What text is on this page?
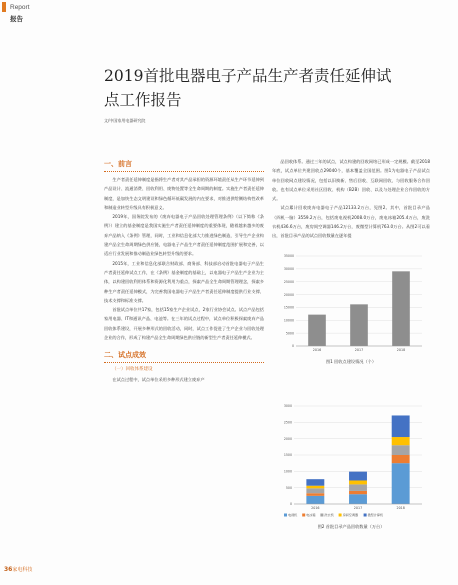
Report
报告
2019首批电器电子产品生产者责任延伸试点工作报告
文/中国家用电器研究院
一、前言

生产者责任延伸制度是指将生产者对其产品承担的资源环境责任从生产环节延伸到产品设计、流通消费、回收利用、废物处置等全生命周期的制度。实施生产者责任延伸制度，是加快生态文明建设和绿色循环低碳发展的内在要求，对推进供给侧结构性改革和制造业转型升级具有积极意义。

2019年，国务院发布的《废弃电器电子产品回收处理管理条例》（以下简称《条例》）建立的基金制度是我国实施生产者责任延伸制度的重要体现，随着越来越多的废弃产品纳入《条例》管理，同时，工业和信息化部大力推进绿色制造，引导生产企业构建产品全生命周期绿色供应链，电器电子产品生产者责任延伸制度范围扩展和完善，以适应行业发展和推动制造业绿色转型升级的要求。

2015年，工业和信息化部联合财政部、商务部、科技部启动首批电器电子产品生产者责任延伸试点工作，在《条例》基金制度的基础上，以电器电子产品生产企业为主体，以构建回收利用体系和资源化利用为重点，探索产品全生命周期管理理念，探索多种生产者责任延伸模式，为完善我国电器电子产品生产者责任延伸制度提供行业支撑、技术支撑和标准支撑。

首批试点单位共17家，包括15家生产企业试点，2家行业协会试点。试点产品包括家用电器、IT和通讯产品、电池等。在三年的试点过程中，试点单位积极探索废弃产品回收体系建设，开展多种形式的回收活动，同时，试点工作促进了生产企业与回收处理企业的合作，形成了构建产品全生命周期绿色供应链的新型生产者责任延伸模式。

二、试点成效
（一）回收体系建设

在试点过程中，试点单位采用多种形式建立废弃产

品回收体系。通过三年的试点，试点构建的回收网络已形成一定规模。截至2018年底，试点单位共建回收点29040个，基本覆盖全国范围。图1为电器电子产品试点单位回收网点建设情况，包括以旧换新、售后回收、互联网回收、与回收服务合作回收。也有试点单位采用社区回收、机构（B2B）回收、以及与处理企业合作回收的方式。

试点累计回收废弃电器电子产品12133.2万台，见图2。其中，首批目录产品（四机一脑）3559.2万台，包括废电视机2008.0万台，废电冰箱205.4万台，废洗衣机436.6万台，废房间空调器146.2万台，废微型计算机763.0万台。从图2可以看出，首批目录产品的试点回收数量在逐年提

0
5000
10000
15000
20000
25000
30000
35000
2016	2017	2018
图1 回收点建设情况（个）
0
500
1000
1500
2000
2500
3000
2016	2017	2018
电视机	电冰箱	洗衣机	房间空调器	微型计算机
图2 首批目录产品回收数量（万台）
36家电科技
